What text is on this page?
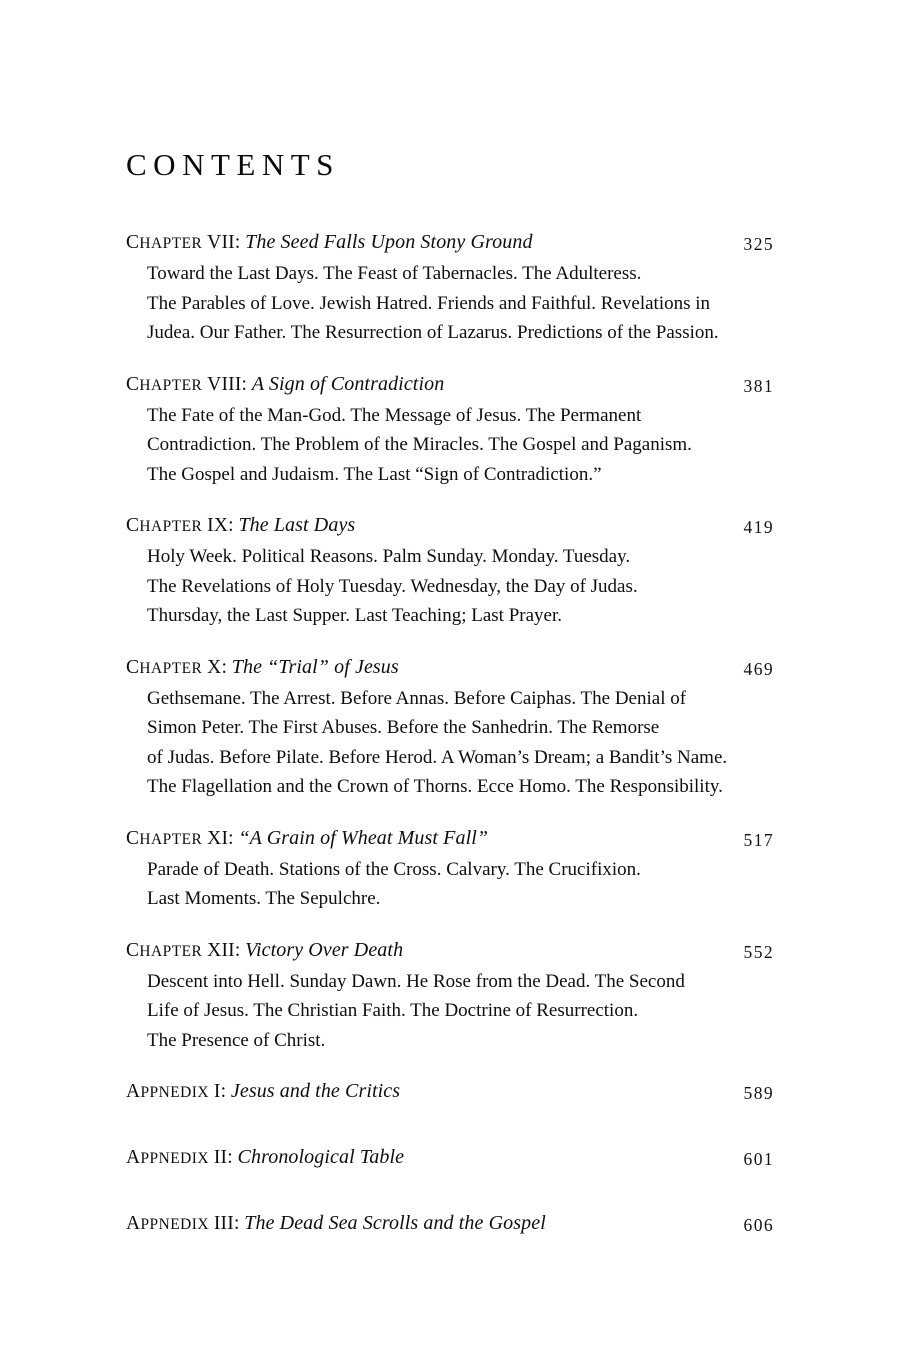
CONTENTS
CHAPTER VII: The Seed Falls Upon Stony Ground	325
Toward the Last Days. The Feast of Tabernacles. The Adulteress.
The Parables of Love. Jewish Hatred. Friends and Faithful. Revelations in
Judea. Our Father. The Resurrection of Lazarus. Predictions of the Passion.
CHAPTER VIII: A Sign of Contradiction	381
The Fate of the Man-God. The Message of Jesus. The Permanent
Contradiction. The Problem of the Miracles. The Gospel and Paganism.
The Gospel and Judaism. The Last “Sign of Contradiction.”
CHAPTER IX: The Last Days	419
Holy Week. Political Reasons. Palm Sunday. Monday. Tuesday.
The Revelations of Holy Tuesday. Wednesday, the Day of Judas.
Thursday, the Last Supper. Last Teaching; Last Prayer.
CHAPTER X: The “Trial” of Jesus	469
Gethsemane. The Arrest. Before Annas. Before Caiphas. The Denial of
Simon Peter. The First Abuses. Before the Sanhedrin. The Remorse
of Judas. Before Pilate. Before Herod. A Woman’s Dream; a Bandit’s Name.
The Flagellation and the Crown of Thorns. Ecce Homo. The Responsibility.
CHAPTER XI: “A Grain of Wheat Must Fall”	517
Parade of Death. Stations of the Cross. Calvary. The Crucifixion.
Last Moments. The Sepulchre.
CHAPTER XII: Victory Over Death	552
Descent into Hell. Sunday Dawn. He Rose from the Dead. The Second
Life of Jesus. The Christian Faith. The Doctrine of Resurrection.
The Presence of Christ.
APPNEDIX I: Jesus and the Critics	589
APPNEDIX II: Chronological Table	601
APPNEDIX III: The Dead Sea Scrolls and the Gospel	606
